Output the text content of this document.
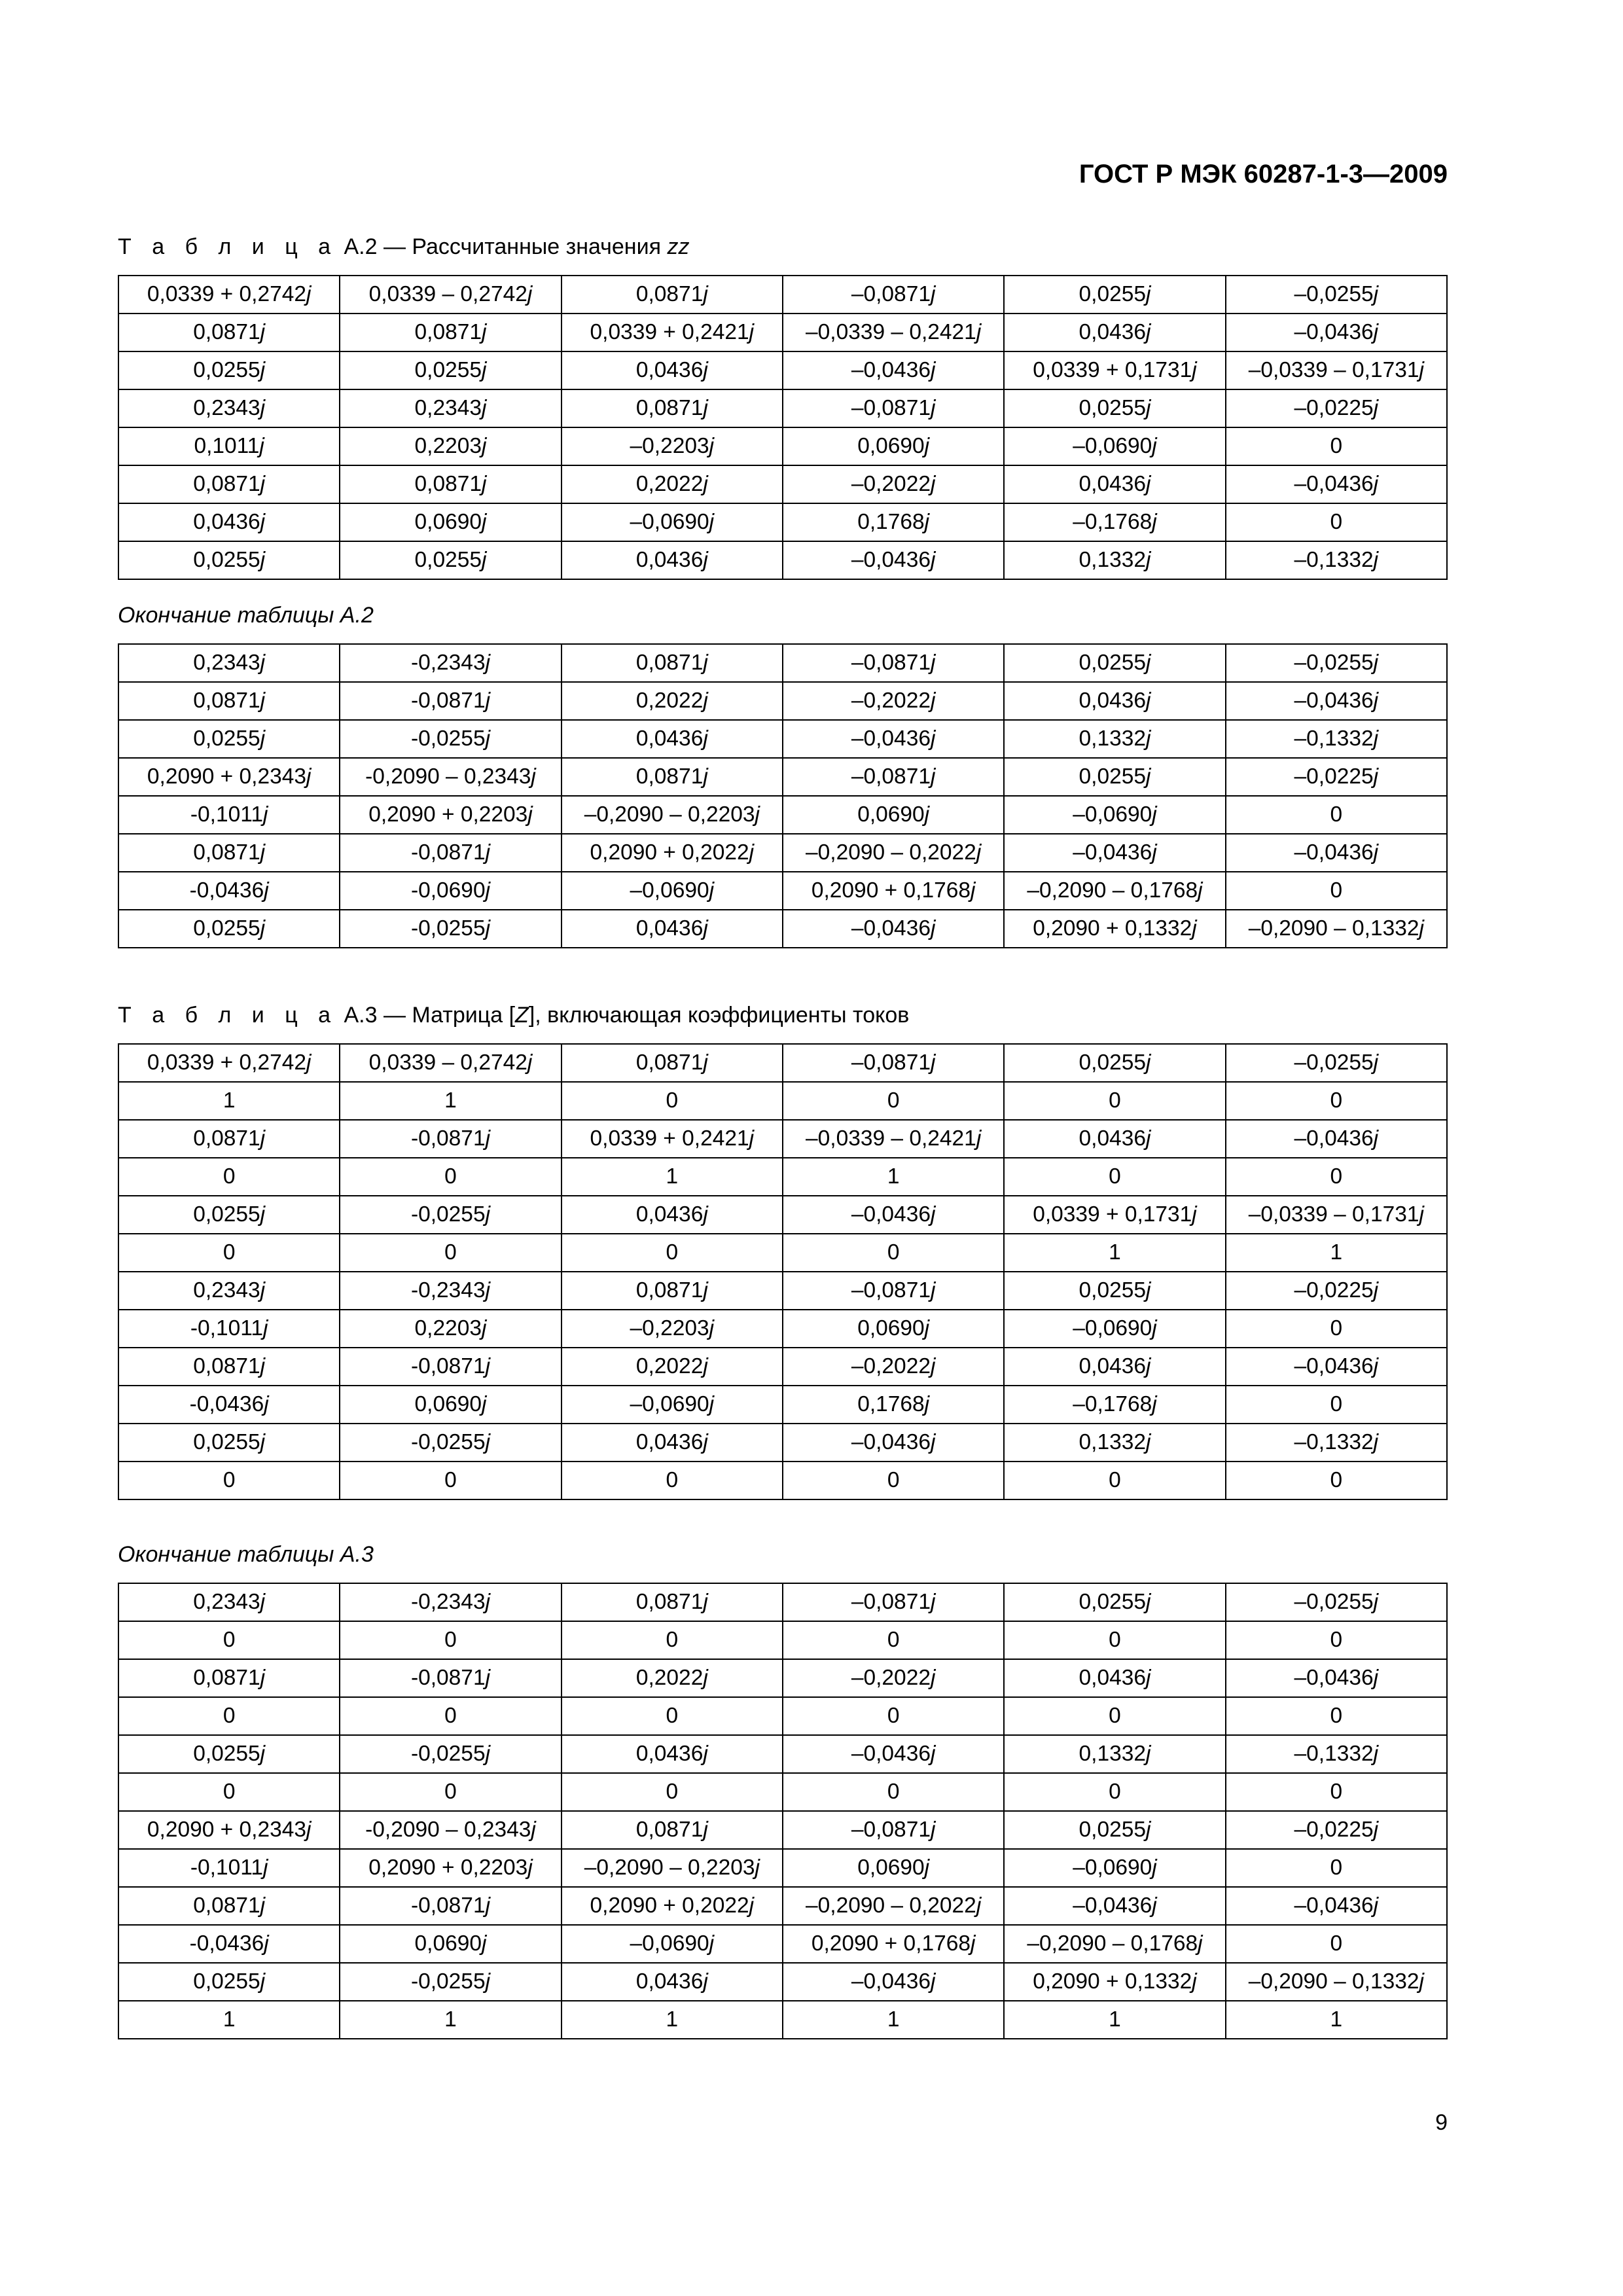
ГОСТ Р МЭК 60287-1-3—2009
Т а б л и ц а А.2 — Рассчитанные значения zz
0,0339 + 0,2742j	0,0339 – 0,2742j	0,0871j	–0,0871j	0,0255j	–0,0255j
0,0871j	0,0871j	0,0339 + 0,2421j	–0,0339 – 0,2421j	0,0436j	–0,0436j
0,0255j	0,0255j	0,0436j	–0,0436j	0,0339 + 0,1731j	–0,0339 – 0,1731j
0,2343j	0,2343j	0,0871j	–0,0871j	0,0255j	–0,0225j
0,1011j	0,2203j	–0,2203j	0,0690j	–0,0690j	0
0,0871j	0,0871j	0,2022j	–0,2022j	0,0436j	–0,0436j
0,0436j	0,0690j	–0,0690j	0,1768j	–0,1768j	0
0,0255j	0,0255j	0,0436j	–0,0436j	0,1332j	–0,1332j
Окончание таблицы А.2
0,2343j	-0,2343j	0,0871j	–0,0871j	0,0255j	–0,0255j
0,0871j	-0,0871j	0,2022j	–0,2022j	0,0436j	–0,0436j
0,0255j	-0,0255j	0,0436j	–0,0436j	0,1332j	–0,1332j
0,2090 + 0,2343j	-0,2090 – 0,2343j	0,0871j	–0,0871j	0,0255j	–0,0225j
-0,1011j	0,2090 + 0,2203j	–0,2090 – 0,2203j	0,0690j	–0,0690j	0
0,0871j	-0,0871j	0,2090 + 0,2022j	–0,2090 – 0,2022j	–0,0436j	–0,0436j
-0,0436j	-0,0690j	–0,0690j	0,2090 + 0,1768j	–0,2090 – 0,1768j	0
0,0255j	-0,0255j	0,0436j	–0,0436j	0,2090 + 0,1332j	–0,2090 – 0,1332j
Т а б л и ц а А.3 — Матрица [Z], включающая коэффициенты токов
0,0339 + 0,2742j	0,0339 – 0,2742j	0,0871j	–0,0871j	0,0255j	–0,0255j
1	1	0	0	0	0
0,0871j	-0,0871j	0,0339 + 0,2421j	–0,0339 – 0,2421j	0,0436j	–0,0436j
0	0	1	1	0	0
0,0255j	-0,0255j	0,0436j	–0,0436j	0,0339 + 0,1731j	–0,0339 – 0,1731j
0	0	0	0	1	1
0,2343j	-0,2343j	0,0871j	–0,0871j	0,0255j	–0,0225j
-0,1011j	0,2203j	–0,2203j	0,0690j	–0,0690j	0
0,0871j	-0,0871j	0,2022j	–0,2022j	0,0436j	–0,0436j
-0,0436j	0,0690j	–0,0690j	0,1768j	–0,1768j	0
0,0255j	-0,0255j	0,0436j	–0,0436j	0,1332j	–0,1332j
0	0	0	0	0	0
Окончание таблицы А.3
0,2343j	-0,2343j	0,0871j	–0,0871j	0,0255j	–0,0255j
0	0	0	0	0	0
0,0871j	-0,0871j	0,2022j	–0,2022j	0,0436j	–0,0436j
0	0	0	0	0	0
0,0255j	-0,0255j	0,0436j	–0,0436j	0,1332j	–0,1332j
0	0	0	0	0	0
0,2090 + 0,2343j	-0,2090 – 0,2343j	0,0871j	–0,0871j	0,0255j	–0,0225j
-0,1011j	0,2090 + 0,2203j	–0,2090 – 0,2203j	0,0690j	–0,0690j	0
0,0871j	-0,0871j	0,2090 + 0,2022j	–0,2090 – 0,2022j	–0,0436j	–0,0436j
-0,0436j	0,0690j	–0,0690j	0,2090 + 0,1768j	–0,2090 – 0,1768j	0
0,0255j	-0,0255j	0,0436j	–0,0436j	0,2090 + 0,1332j	–0,2090 – 0,1332j
1	1	1	1	1	1
9
